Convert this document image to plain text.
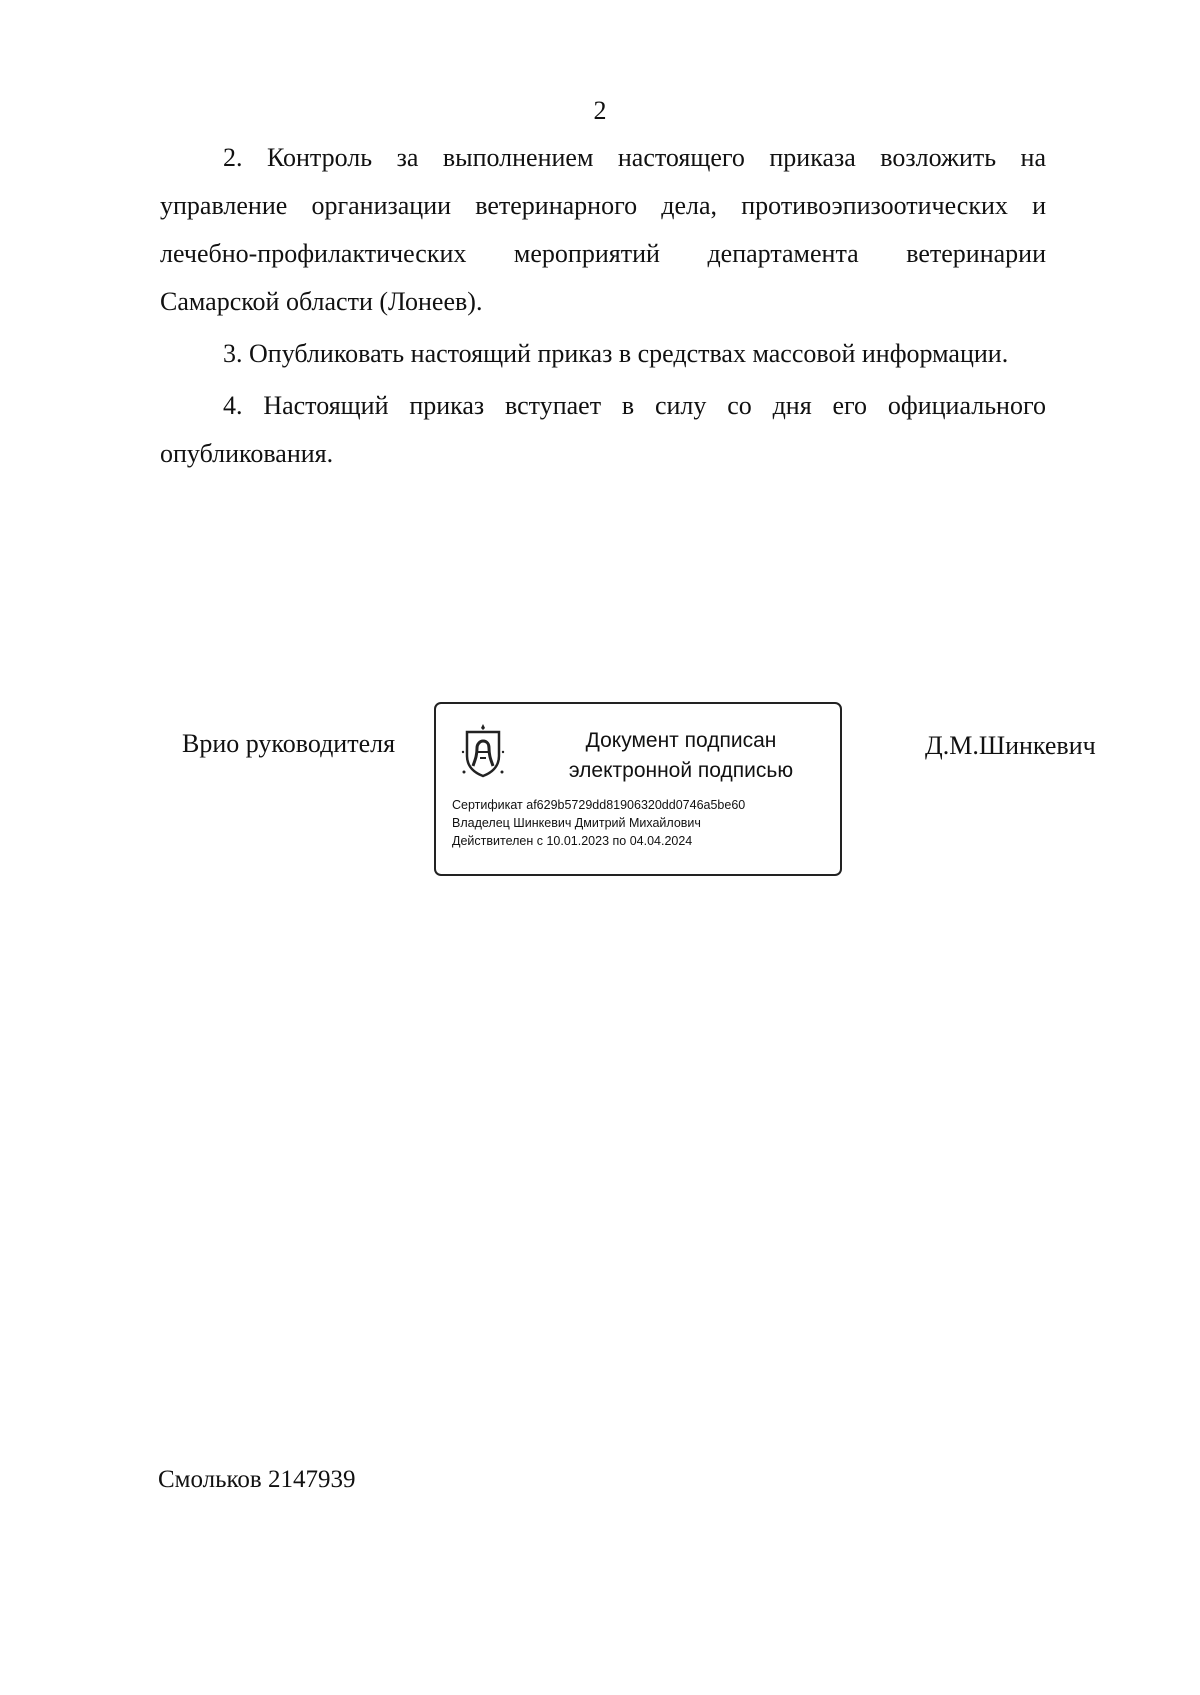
2

2. Контроль за выполнением настоящего приказа возложить на управление организации ветеринарного дела, противоэпизоотических и лечебно-профилактических мероприятий департамента ветеринарии Самарской области (Лонеев).

3. Опубликовать настоящий приказ в средствах массовой информации.

4. Настоящий приказ вступает в силу со дня его официального опубликования.

Врио руководителя	Документ подписан
электронной подписью
Сертификат af629b5729dd81906320dd0746a5be60
Владелец Шинкевич Дмитрий Михайлович
Действителен с 10.01.2023 по 04.04.2024
Д.М.Шинкевич
Смольков 2147939
